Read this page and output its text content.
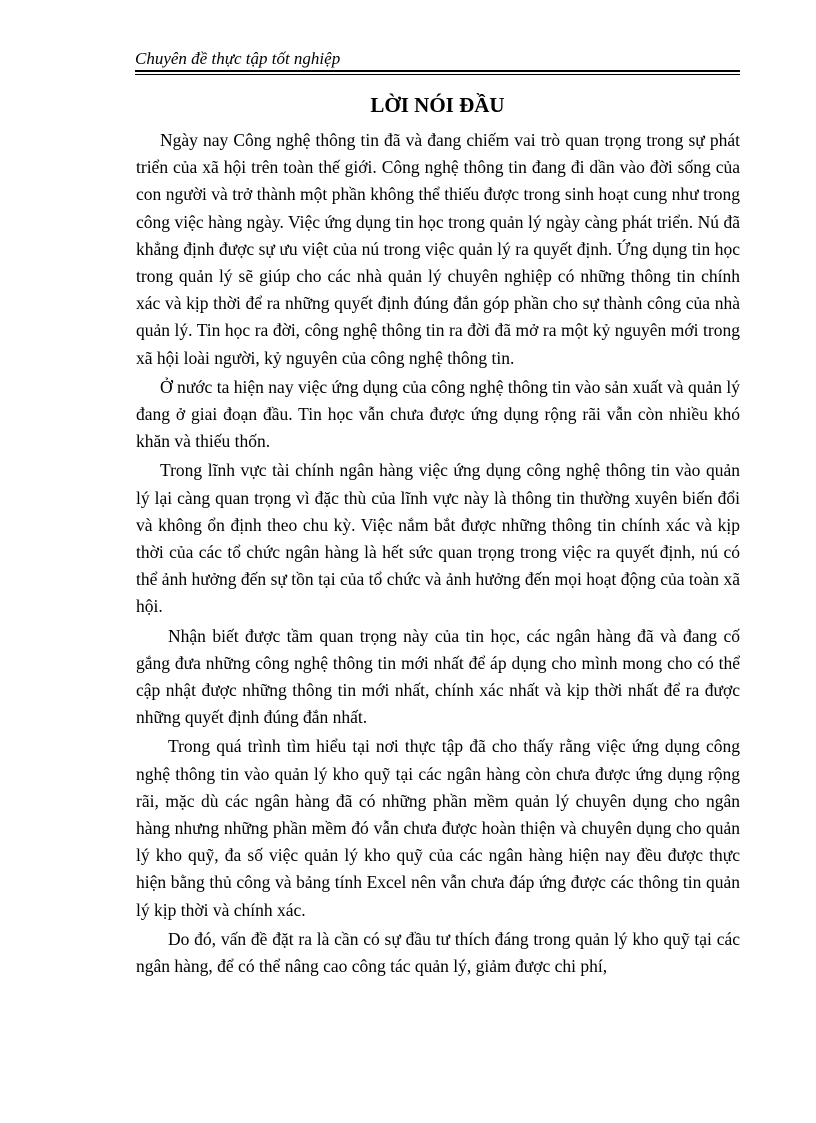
Chuyên đề thực tập tốt nghiệp
LỜI NÓI ĐẦU

Ngày nay Công nghệ thông tin đã và đang chiếm vai trò quan trọng trong sự phát triển của xã hội trên toàn thế giới. Công nghệ thông tin đang đi dần vào đời sống của con người và trở thành một phần không thể thiếu được trong sinh hoạt cung như trong công việc hàng ngày. Việc ứng dụng tin học trong quản lý ngày càng phát triển. Nú đã khẳng định được sự ưu việt của nú trong việc quản lý ra quyết định. Ứng dụng tin học trong quản lý sẽ giúp cho các nhà quản lý chuyên nghiệp có những thông tin chính xác và kịp thời để ra những quyết định đúng đắn góp phần cho sự thành công của nhà quản lý. Tin học ra đời, công nghệ thông tin ra đời đã mở ra một kỷ nguyên mới trong xã hội loài người, kỷ nguyên của công nghệ thông tin.

Ở nước ta hiện nay việc ứng dụng của công nghệ thông tin vào sản xuất và quản lý đang ở giai đoạn đầu. Tin học vẫn chưa được ứng dụng rộng rãi vẫn còn nhiều khó khăn và thiếu thốn.

Trong lĩnh vực tài chính ngân hàng việc ứng dụng công nghệ thông tin vào quản lý lại càng quan trọng vì đặc thù của lĩnh vực này là thông tin thường xuyên biến đổi và không ổn định theo chu kỳ. Việc nắm bắt được những thông tin chính xác và kịp thời của các tổ chức ngân hàng là hết sức quan trọng trong việc ra quyết định, nú có thể ảnh hưởng đến sự tồn tại của tổ chức và ảnh hưởng đến mọi hoạt động của toàn xã hội.

Nhận biết được tầm quan trọng này của tin học, các ngân hàng đã và đang cố gắng đưa những công nghệ thông tin mới nhất để áp dụng cho mình mong cho có thể cập nhật được những thông tin mới nhất, chính xác nhất và kịp thời nhất để ra được những quyết định đúng đắn nhất.

Trong quá trình tìm hiểu tại nơi thực tập đã cho thấy rằng việc ứng dụng công nghệ thông tin vào quản lý kho quỹ tại các ngân hàng còn chưa được ứng dụng rộng rãi, mặc dù các ngân hàng đã có những phần mềm quản lý chuyên dụng cho ngân hàng nhưng những phần mềm đó vẫn chưa được hoàn thiện và chuyên dụng cho quản lý kho quỹ, đa số việc quản lý kho quỹ của các ngân hàng hiện nay đều được thực hiện bằng thủ công và bảng tính Excel nên vẫn chưa đáp ứng được các thông tin quản lý kịp thời và chính xác.

Do đó, vấn đề đặt ra là cần có sự đầu tư thích đáng trong quản lý kho quỹ tại các ngân hàng, để có thể nâng cao công tác quản lý, giảm được chi phí,
